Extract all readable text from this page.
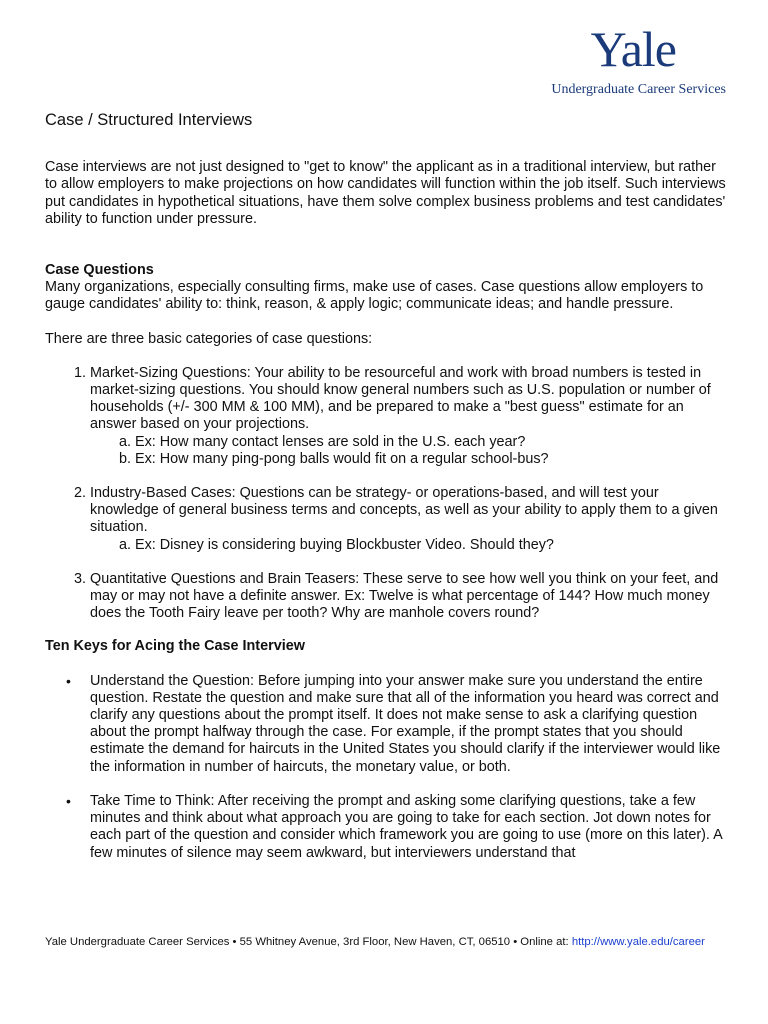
Yale
Undergraduate Career Services
Case / Structured Interviews

Case interviews are not just designed to "get to know" the applicant as in a traditional interview, but rather to allow employers to make projections on how candidates will function within the job itself. Such interviews put candidates in hypothetical situations, have them solve complex business problems and test candidates' ability to function under pressure.

Case Questions

Many organizations, especially consulting firms, make use of cases. Case questions allow employers to gauge candidates' ability to: think, reason, & apply logic; communicate ideas; and handle pressure.

There are three basic categories of case questions:

1. Market-Sizing Questions: Your ability to be resourceful and work with broad numbers is tested in market-sizing questions. You should know general numbers such as U.S. population or number of households (+/- 300 MM & 100 MM), and be prepared to make a "best guess" estimate for an answer based on your projections.
a. Ex: How many contact lenses are sold in the U.S. each year?
b. Ex: How many ping-pong balls would fit on a regular school-bus?
2. Industry-Based Cases: Questions can be strategy- or operations-based, and will test your knowledge of general business terms and concepts, as well as your ability to apply them to a given situation.
a. Ex: Disney is considering buying Blockbuster Video. Should they?
3. Quantitative Questions and Brain Teasers: These serve to see how well you think on your feet, and may or may not have a definite answer. Ex: Twelve is what percentage of 144? How much money does the Tooth Fairy leave per tooth? Why are manhole covers round?

Ten Keys for Acing the Case Interview

• Understand the Question: Before jumping into your answer make sure you understand the entire question. Restate the question and make sure that all of the information you heard was correct and clarify any questions about the prompt itself. It does not make sense to ask a clarifying question about the prompt halfway through the case. For example, if the prompt states that you should estimate the demand for haircuts in the United States you should clarify if the interviewer would like the information in number of haircuts, the monetary value, or both.
• Take Time to Think: After receiving the prompt and asking some clarifying questions, take a few minutes and think about what approach you are going to take for each section. Jot down notes for each part of the question and consider which framework you are going to use (more on this later). A few minutes of silence may seem awkward, but interviewers understand that
Yale Undergraduate Career Services • 55 Whitney Avenue, 3rd Floor, New Haven, CT, 06510 • Online at: http://www.yale.edu/career
